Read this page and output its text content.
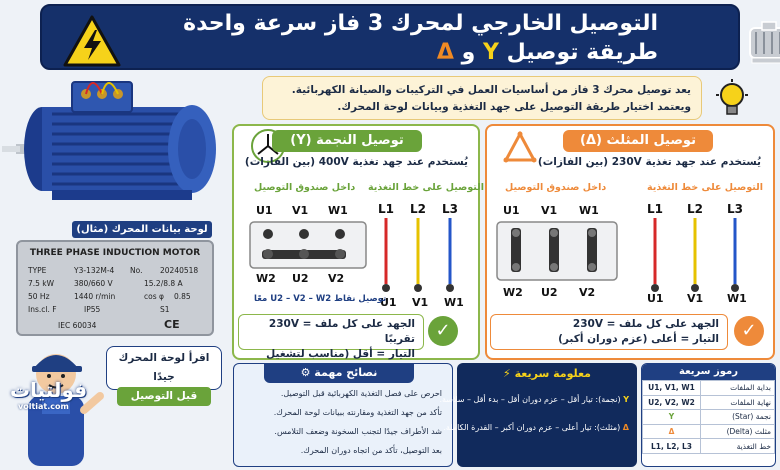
التوصيل الخارجي لمحرك 3 فاز سرعة واحدة
طريقة توصيل Y و Δ
يعد توصيل محرك 3 فاز من أساسيات العمل في التركيبات والصيانة الكهربائية.
ويعتمد اختيار طريقة التوصيل على جهد التغذية وبيانات لوحة المحرك.
توصيل النجمة (Y)
يُستخدم عند جهد تغذية 400V (بين الفازات)
التوصيل على خط التغذية
L1 L2 L3
U1 V1 W1
داخل صندوق التوصيل
U1 V1 W1
W2 U2 V2
توصيل نقاط U2 – V2 – W2 معًا
الجهد على كل ملف = 230V تقريبًا
التيار = أقل (مناسب لتشغيل
✓
توصيل المثلث (Δ)
يُستخدم عند جهد تغذية 230V (بين الفازات)
داخل صندوق التوصيل
U1 V1 W1
W2 U2 V2
التوصيل على خط التغذية
L1 L2 L3
U1 V1 W1
الجهد على كل ملف = 230V
التيار = أعلى (عزم دوران أكبر)	✓
لوحة بيانات المحرك (مثال)
THREE PHASE INDUCTION MOTOR
TYPE	Y3-132M-4 No. 20240518
7.5 kW	380/660 V	15.2/8.8 A
50 Hz	1440 r/min	cos φ 0.85
Ins.cl. F	IP55	S1
IEC 60034	CE
فولتيات
voltiat.com
اقرأ لوحة المحرك جيدًا
قبل التوصيل
نصائح مهمة ⚙
احرص على فصل التغذية الكهربائية قبل التوصيل.
تأكد من جهد التغذية ومقارنته ببيانات لوحة المحرك.
شد الأطراف جيدًا لتجنب السخونة وضعف التلامس.
بعد التوصيل، تأكد من اتجاه دوران المحرك.
معلومة سريعة ⚡
Y (نجمة): تيار أقل – عزم دوران أقل – بدء أقل – سلاسة.
Δ (مثلث): تيار أعلى – عزم دوران أكبر – القدرة الكاملة.
رموز سريعة
U1, V1, W1	بداية الملفات
U2, V2, W2	نهاية الملفات
Y	نجمة (Star)
Δ	مثلث (Delta)
L1, L2, L3	خط التغذية
